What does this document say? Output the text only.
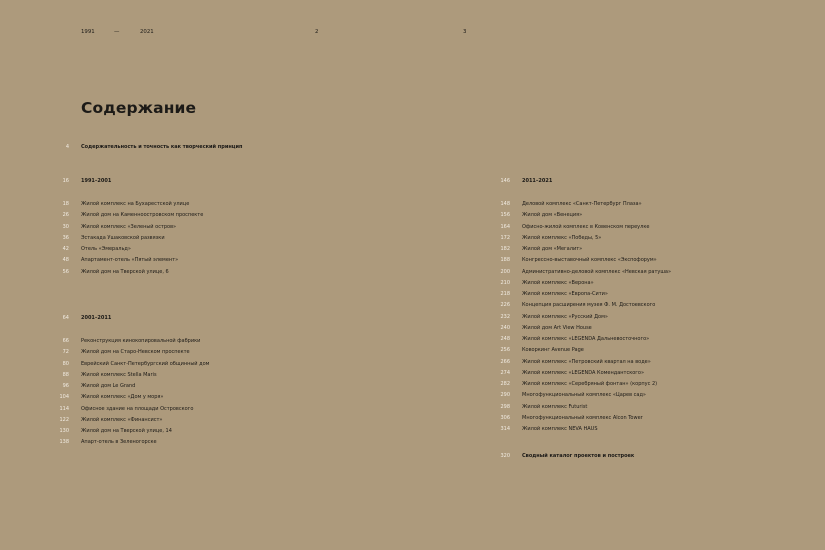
1991	—	2021	2	3
Содержание
4 Содержательность и точность как творческий принцип
16 1991–2001
18 Жилой комплекс на Бухарестской улице
26 Жилой дом на Каменноостровском проспекте
30 Жилой комплекс «Зеленый остров»
36 Эстакада Ушаковской развязки
42 Отель «Эмеральд»
48 Апартамент-отель «Пятый элемент»
56 Жилой дом на Тверской улице, 6
64 2001–2011
66 Реконструкция кинокопировальной фабрики
72 Жилой дом на Старо-Невском проспекте
80 Еврейский Санкт-Петербургский общинный дом
88 Жилой комплекс Stella Maris
96 Жилой дом Le Grand
104 Жилой комплекс «Дом у моря»
114 Офисное здание на площади Островского
122 Жилой комплекс «Финансист»
130 Жилой дом на Тверской улице, 14
138 Апарт-отель в Зеленогорске
146 2011–2021
148 Деловой комплекс «Санкт-Петербург Плаза»
156 Жилой дом «Венеция»
164 Офисно-жилой комплекс в Ковенском переулке
172 Жилой комплекс «Победы, 5»
182 Жилой дом «Мегалит»
188 Конгрессно-выставочный комплекс «Экспофорум»
200 Административно-деловой комплекс «Невская ратуша»
210 Жилой комплекс «Верона»
218 Жилой комплекс «Европа-Сити»
226 Концепция расширения музея Ф. М. Достоевского
232 Жилой комплекс «Русский Дом»
240 Жилой дом Art View House
248 Жилой комплекс «LEGENDA Дальневосточного»
256 Коворкинг Avenue Page
266 Жилой комплекс «Петровский квартал на воде»
274 Жилой комплекс «LEGENDA Комендантского»
282 Жилой комплекс «Серебряный фонтан» (корпус 2)
290 Многофункциональный комплекс «Царев сад»
298 Жилой комплекс Futurist
306 Многофункциональный комплекс Alcon Tower
314 Жилой комплекс NEVA HAUS
320 Сводный каталог проектов и построек
